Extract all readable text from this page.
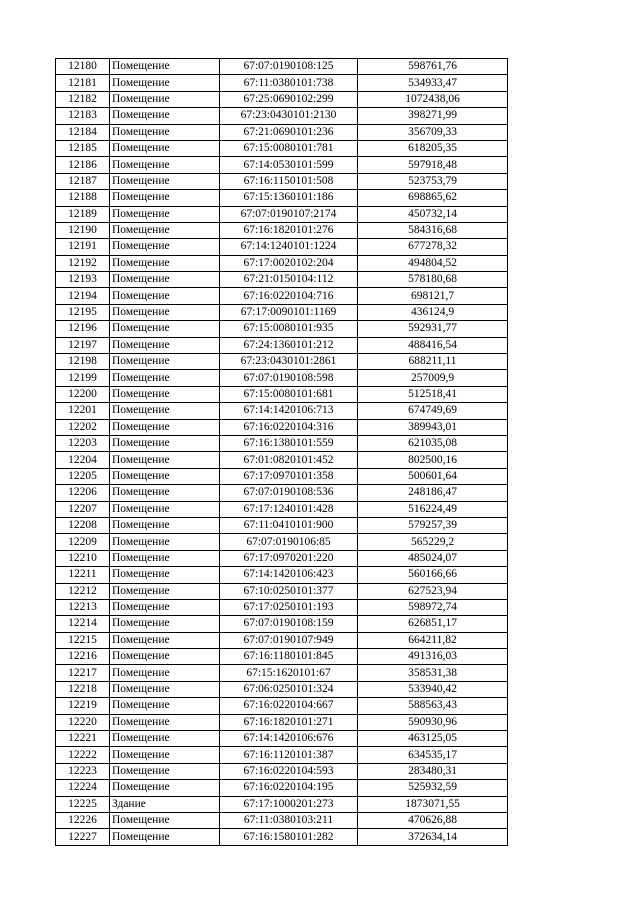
12180	Помещение	67:07:0190108:125	598761,76
12181	Помещение	67:11:0380101:738	534933,47
12182	Помещение	67:25:0690102:299	1072438,06
12183	Помещение	67:23:0430101:2130	398271,99
12184	Помещение	67:21:0690101:236	356709,33
12185	Помещение	67:15:0080101:781	618205,35
12186	Помещение	67:14:0530101:599	597918,48
12187	Помещение	67:16:1150101:508	523753,79
12188	Помещение	67:15:1360101:186	698865,62
12189	Помещение	67:07:0190107:2174	450732,14
12190	Помещение	67:16:1820101:276	584316,68
12191	Помещение	67:14:1240101:1224	677278,32
12192	Помещение	67:17:0020102:204	494804,52
12193	Помещение	67:21:0150104:112	578180,68
12194	Помещение	67:16:0220104:716	698121,7
12195	Помещение	67:17:0090101:1169	436124,9
12196	Помещение	67:15:0080101:935	592931,77
12197	Помещение	67:24:1360101:212	488416,54
12198	Помещение	67:23:0430101:2861	688211,11
12199	Помещение	67:07:0190108:598	257009,9
12200	Помещение	67:15:0080101:681	512518,41
12201	Помещение	67:14:1420106:713	674749,69
12202	Помещение	67:16:0220104:316	389943,01
12203	Помещение	67:16:1380101:559	621035,08
12204	Помещение	67:01:0820101:452	802500,16
12205	Помещение	67:17:0970101:358	500601,64
12206	Помещение	67:07:0190108:536	248186,47
12207	Помещение	67:17:1240101:428	516224,49
12208	Помещение	67:11:0410101:900	579257,39
12209	Помещение	67:07:0190106:85	565229,2
12210	Помещение	67:17:0970201:220	485024,07
12211	Помещение	67:14:1420106:423	560166,66
12212	Помещение	67:10:0250101:377	627523,94
12213	Помещение	67:17:0250101:193	598972,74
12214	Помещение	67:07:0190108:159	626851,17
12215	Помещение	67:07:0190107:949	664211,82
12216	Помещение	67:16:1180101:845	491316,03
12217	Помещение	67:15:1620101:67	358531,38
12218	Помещение	67:06:0250101:324	533940,42
12219	Помещение	67:16:0220104:667	588563,43
12220	Помещение	67:16:1820101:271	590930,96
12221	Помещение	67:14:1420106:676	463125,05
12222	Помещение	67:16:1120101:387	634535,17
12223	Помещение	67:16:0220104:593	283480,31
12224	Помещение	67:16:0220104:195	525932,59
12225	Здание	67:17:1000201:273	1873071,55
12226	Помещение	67:11:0380103:211	470626,88
12227	Помещение	67:16:1580101:282	372634,14
